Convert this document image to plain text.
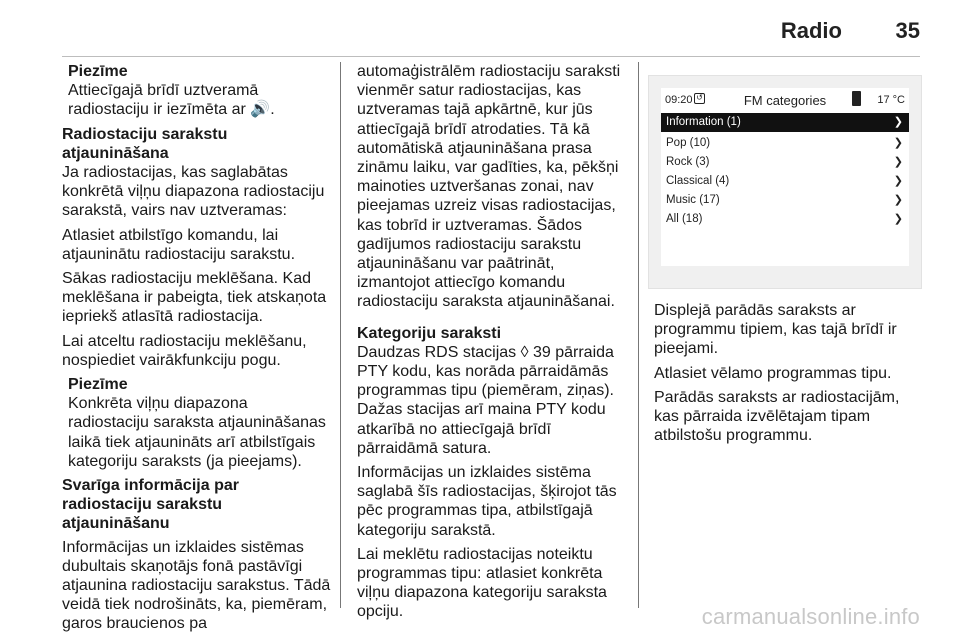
Radio 35
Piezīme

Attiecīgajā brīdī uztveramā radiostaciju ir iezīmēta ar 🔊.

Radiostaciju sarakstu atjaunināšana

Ja radiostacijas, kas saglabātas konkrētā viļņu diapazona radiostaciju sarakstā, vairs nav uztveramas:

Atlasiet atbilstīgo komandu, lai atjauninātu radiostaciju sarakstu.

Sākas radiostaciju meklēšana. Kad meklēšana ir pabeigta, tiek atskaņota iepriekš atlasītā radiostacija.

Lai atceltu radiostaciju meklēšanu, nospiediet vairākfunkciju pogu.

Piezīme

Konkrēta viļņu diapazona radiostaciju saraksta atjaunināšanas laikā tiek atjaunināts arī atbilstīgais kategoriju saraksts (ja pieejams).

Svarīga informācija par radiostaciju sarakstu atjaunināšanu

Informācijas un izklaides sistēmas dubultais skaņotājs fonā pastāvīgi atjaunina radiostaciju sarakstus. Tādā veidā tiek nodrošināts, ka, piemēram, garos braucienos pa

automaģistrālēm radiostaciju saraksti vienmēr satur radiostacijas, kas uztveramas tajā apkārtnē, kur jūs attiecīgajā brīdī atrodaties. Tā kā automātiskā atjaunināšana prasa zināmu laiku, var gadīties, ka, pēkšņi mainoties uztveršanas zonai, nav pieejamas uzreiz visas radiostacijas, kas tobrīd ir uztveramas. Šādos gadījumos radiostaciju sarakstu atjaunināšanu var paātrināt, izmantojot attiecīgo komandu radiostaciju saraksta atjaunināšanai.

Kategoriju saraksti

Daudzas RDS stacijas ◊ 39 pārraida PTY kodu, kas norāda pārraidāmās programmas tipu (piemēram, ziņas). Dažas stacijas arī maina PTY kodu atkarībā no attiecīgajā brīdī pārraidāmā satura.

Informācijas un izklaides sistēma saglabā šīs radiostacijas, šķirojot tās pēc programmas tipa, atbilstīgajā kategoriju sarakstā.

Lai meklētu radiostacijas noteiktu programmas tipu: atlasiet konkrēta viļņu diapazona kategoriju saraksta opciju.

09:20 ↺	FM categories	17 °C
Information (1)	❯
Pop (10)	❯
Rock (3)	❯
Classical (4)	❯
Music (17)	❯
All (18)	❯

Displejā parādās saraksts ar programmu tipiem, kas tajā brīdī ir pieejami.

Atlasiet vēlamo programmas tipu.

Parādās saraksts ar radiostacijām, kas pārraida izvēlētajam tipam atbilstošu programmu.

carmanualsonline.info
